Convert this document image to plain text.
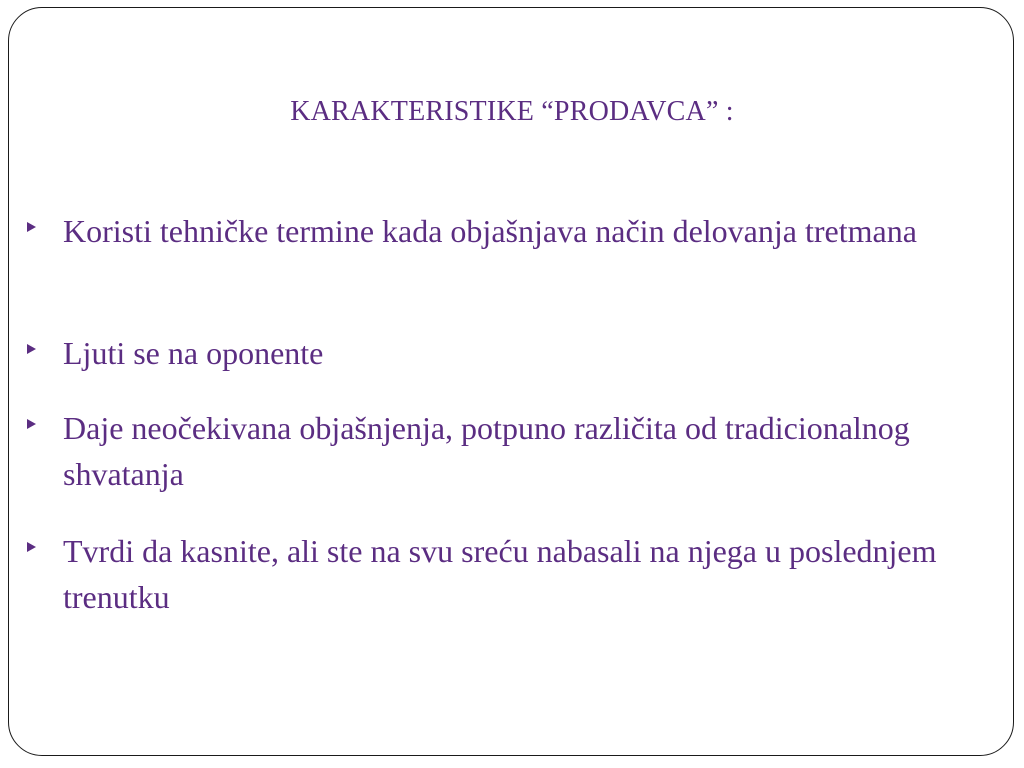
KARAKTERISTIKE “PRODAVCA” :
Koristi tehničke termine kada objašnjava način delovanja tretmana
Ljuti se na oponente
Daje neočekivana objašnjenja, potpuno različita od tradicionalnog shvatanja
Tvrdi da kasnite, ali ste na svu sreću nabasali na njega u poslednjem trenutku
